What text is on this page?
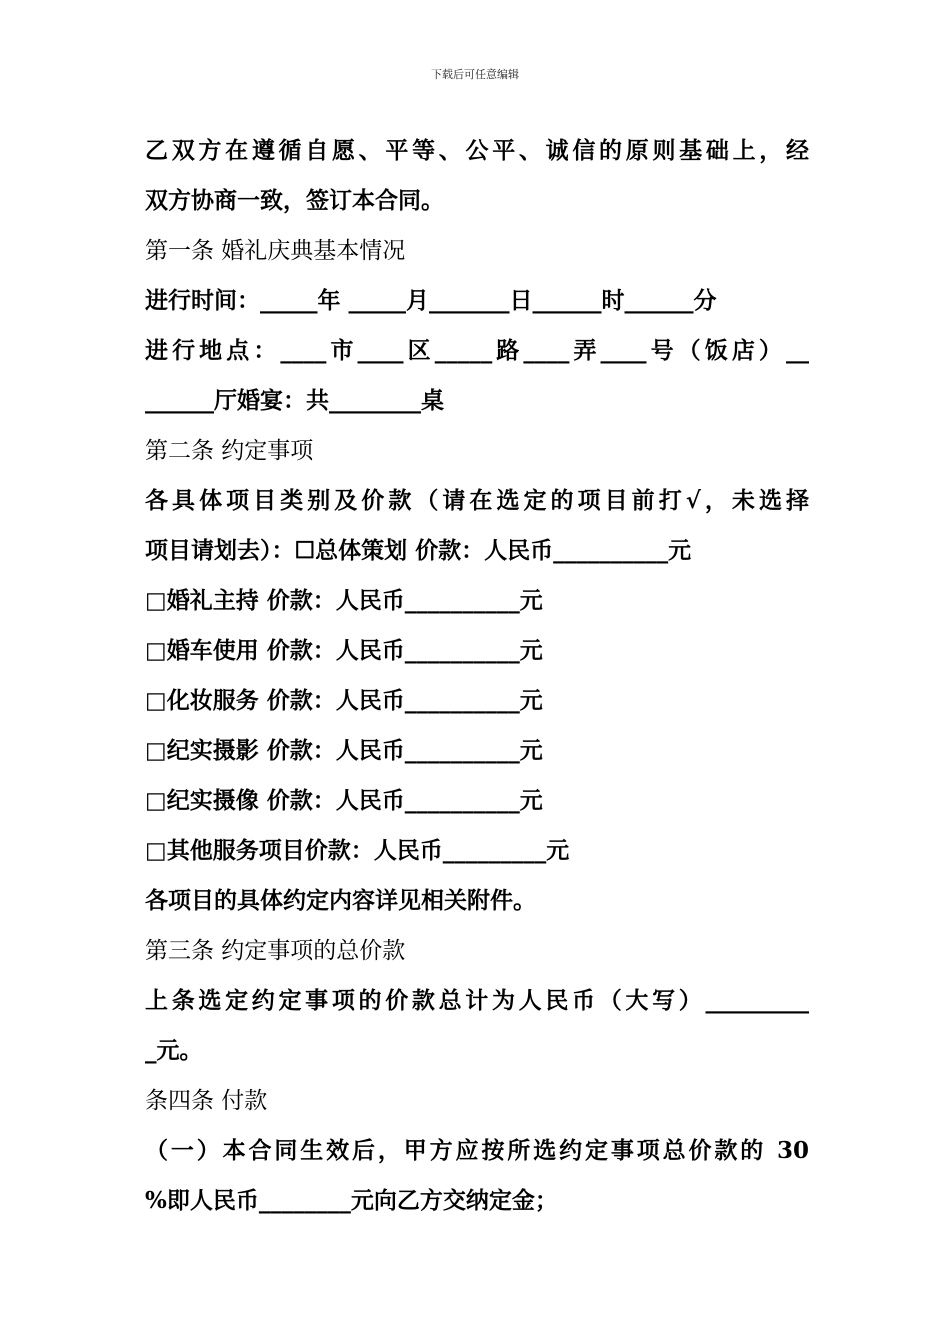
下载后可任意编辑
乙双方在遵循自愿、平等、公平、诚信的原则基础上，经
双方协商一致，签订本合同。
第一条 婚礼庆典基本情况
进行时间：_____年 _____月_______日______时______分
进行地点：____市____区_____路____弄____号（饭店）__
______厅婚宴：共________桌
第二条 约定事项
各具体项目类别及价款（请在选定的项目前打√，未选择
项目请划去）：☐总体策划 价款：人民币__________元
□婚礼主持 价款：人民币__________元
□婚车使用 价款：人民币__________元
□化妆服务 价款：人民币__________元
□纪实摄影 价款：人民币__________元
□纪实摄像 价款：人民币__________元
□其他服务项目价款：人民币_________元
各项目的具体约定内容详见相关附件。
第三条 约定事项的总价款
上条选定约定事项的价款总计为人民币（大写）_________
_元。
条四条 付款
（一）本合同生效后，甲方应按所选约定事项总价款的 30
%即人民币________元向乙方交纳定金；
